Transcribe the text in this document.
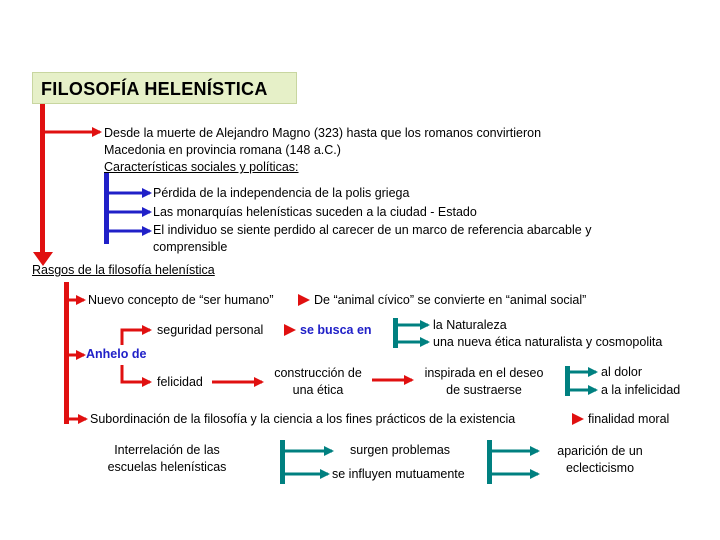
FILOSOFÍA HELENÍSTICA
Desde la muerte de Alejandro Magno (323) hasta que los romanos convirtieron
Macedonia en provincia romana (148 a.C.)
Características sociales y políticas:
Pérdida de la independencia de la polis griega
Las monarquías helenísticas suceden a la ciudad - Estado
El individuo se siente perdido al carecer de un marco de referencia abarcable y
comprensible
Rasgos de la filosofía helenística
Nuevo concepto de “ser humano”	De “animal cívico” se convierte en “animal social”
seguridad personal	se busca en	la Naturaleza
una nueva ética naturalista y cosmopolita
Anhelo de
felicidad
construcción de
una ética
inspirada en el deseo
de sustraerse
al dolor
a la infelicidad
Subordinación de la filosofía y la ciencia a los fines prácticos de la existencia	finalidad moral
Interrelación de las
escuelas helenísticas
surgen problemas
se influyen mutuamente
aparición de un
eclecticismo
